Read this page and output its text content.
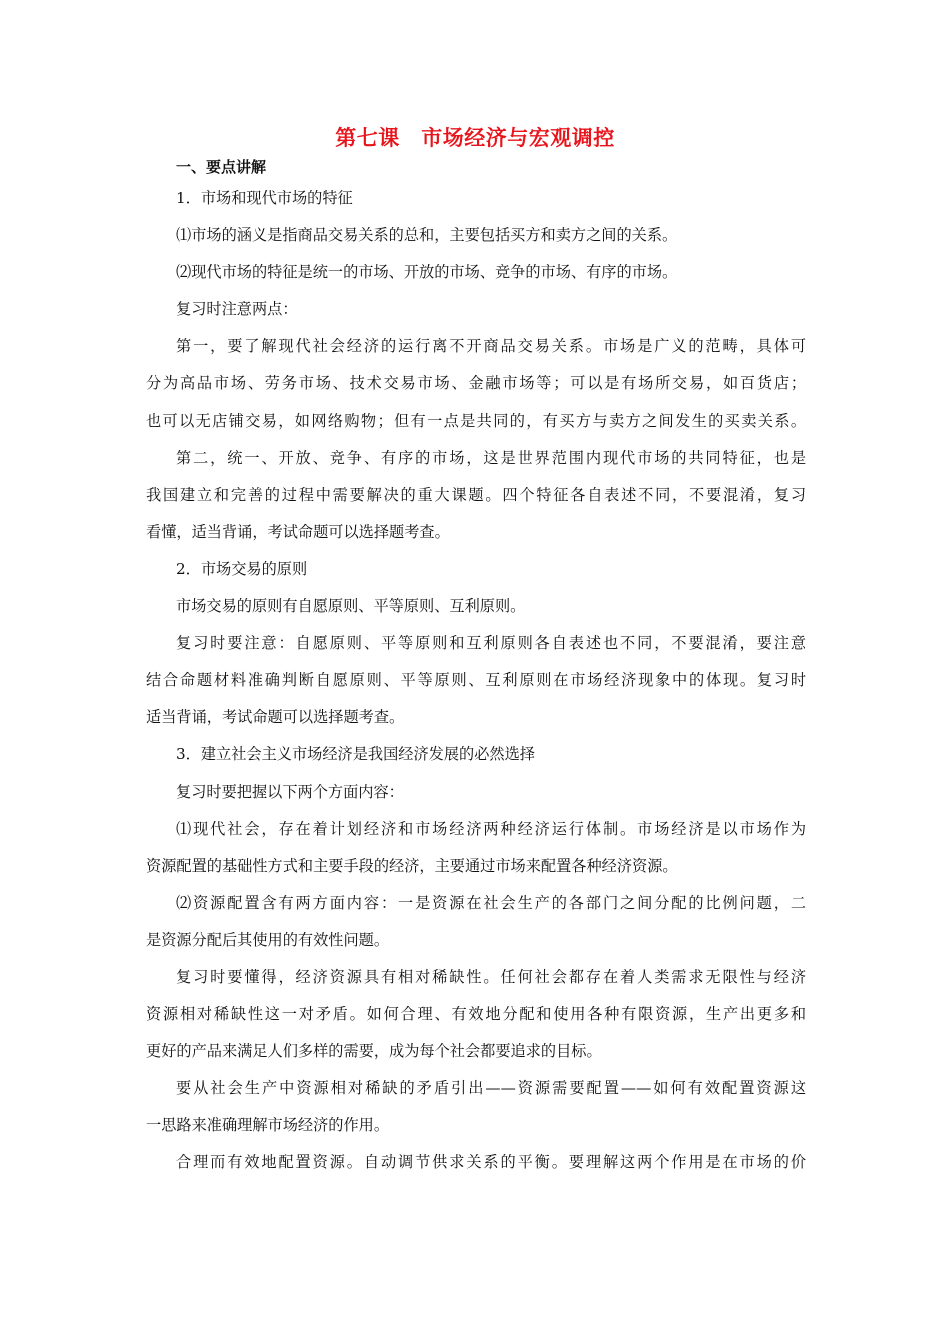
第七课　市场经济与宏观调控
一、要点讲解
1．市场和现代市场的特征
⑴市场的涵义是指商品交易关系的总和，主要包括买方和卖方之间的关系。
⑵现代市场的特征是统一的市场、开放的市场、竞争的市场、有序的市场。
复习时注意两点：
第一，要了解现代社会经济的运行离不开商品交易关系。市场是广义的范畴，具体可
分为高品市场、劳务市场、技术交易市场、金融市场等；可以是有场所交易，如百货店；
也可以无店铺交易，如网络购物；但有一点是共同的，有买方与卖方之间发生的买卖关系。
第二，统一、开放、竞争、有序的市场，这是世界范围内现代市场的共同特征，也是
我国建立和完善的过程中需要解决的重大课题。四个特征各自表述不同，不要混淆，复习
看懂，适当背诵，考试命题可以选择题考查。
2．市场交易的原则
市场交易的原则有自愿原则、平等原则、互利原则。
复习时要注意：自愿原则、平等原则和互利原则各自表述也不同，不要混淆，要注意
结合命题材料准确判断自愿原则、平等原则、互利原则在市场经济现象中的体现。复习时
适当背诵，考试命题可以选择题考查。
3．建立社会主义市场经济是我国经济发展的必然选择
复习时要把握以下两个方面内容：
⑴现代社会，存在着计划经济和市场经济两种经济运行体制。市场经济是以市场作为
资源配置的基础性方式和主要手段的经济，主要通过市场来配置各种经济资源。
⑵资源配置含有两方面内容：一是资源在社会生产的各部门之间分配的比例问题，二
是资源分配后其使用的有效性问题。
复习时要懂得，经济资源具有相对稀缺性。任何社会都存在着人类需求无限性与经济
资源相对稀缺性这一对矛盾。如何合理、有效地分配和使用各种有限资源，生产出更多和
更好的产品来满足人们多样的需要，成为每个社会都要追求的目标。
要从社会生产中资源相对稀缺的矛盾引出——资源需要配置——如何有效配置资源这
一思路来准确理解市场经济的作用。
合理而有效地配置资源。自动调节供求关系的平衡。要理解这两个作用是在市场的价
